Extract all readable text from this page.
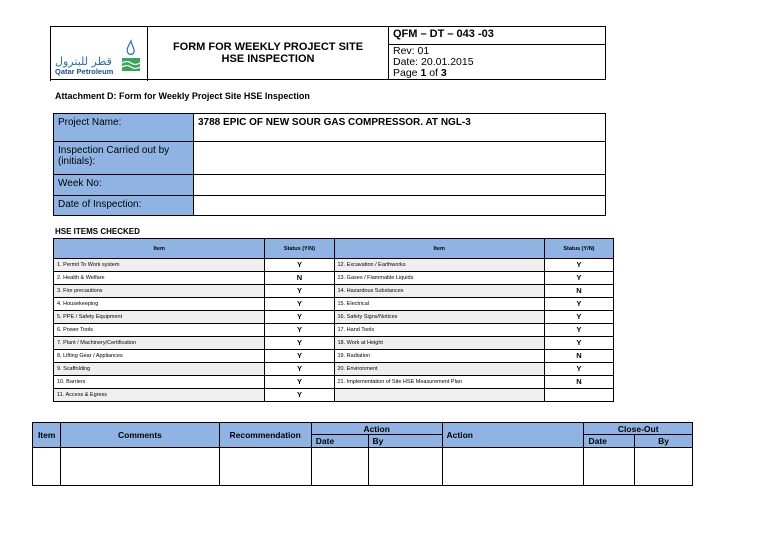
قطر للبترول
Qatar Petroleum

FORM FOR WEEKLY PROJECT SITE
HSE INSPECTION

QFM – DT – 043 -03
Rev: 01
Date: 20.01.2015
Page 1 of 3

Attachment D: Form for Weekly Project Site HSE Inspection
Project Name:	3788 EPIC OF NEW SOUR GAS COMPRESSOR. AT NGL-3
Inspection Carried out by (initials):	
Week No:	
Date of Inspection:	
HSE ITEMS CHECKED
Item	Status (Y/N)	Item	Status (Y/N)
1. Permit To Work system	Y	12. Excavation / Earthworks	Y
2. Health & Welfare	N	13. Gases / Flammable Liquids	Y
3. Fire precautions	Y	14. Hazardous Substances	N
4. Housekeeping	Y	15. Electrical	Y
5. PPE / Safety Equipment	Y	16. Safety Signs/Notices	Y
6. Power Tools	Y	17. Hand Tools	Y
7. Plant / Machinery/Certification	Y	18. Work at Height	Y
8. Lifting Gear / Appliances	Y	19. Radiation	N
9. Scaffolding	Y	20. Environment	Y
10. Barriers	Y	21. Implementation of Site HSE Measurement Plan	N
11. Access & Egress	Y		
Item	Comments	Recommendation	Action		Action	Close-Out	
			Date	By		Date	By
